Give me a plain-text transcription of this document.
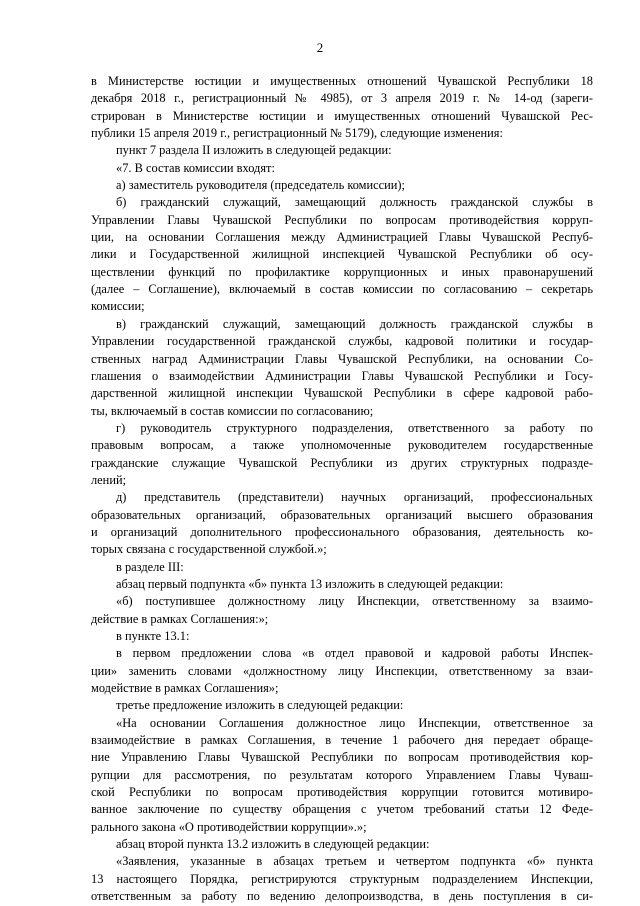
2
в Министерстве юстиции и имущественных отношений Чувашской Республики 18
декабря 2018 г., регистрационный № 4985), от 3 апреля 2019 г. № 14-од (зареги-
стрирован в Министерстве юстиции и имущественных отношений Чувашской Рес-
публики 15 апреля 2019 г., регистрационный № 5179), следующие изменения:
пункт 7 раздела II изложить в следующей редакции:
«7. В состав комиссии входят:
а) заместитель руководителя (председатель комиссии);
б) гражданский служащий, замещающий должность гражданской службы в
Управлении Главы Чувашской Республики по вопросам противодействия корруп-
ции, на основании Соглашения между Администрацией Главы Чувашской Респуб-
лики и Государственной жилищной инспекцией Чувашской Республики об осу-
ществлении функций по профилактике коррупционных и иных правонарушений
(далее – Соглашение), включаемый в состав комиссии по согласованию – секретарь
комиссии;
в) гражданский служащий, замещающий должность гражданской службы в
Управлении государственной гражданской службы, кадровой политики и государ-
ственных наград Администрации Главы Чувашской Республики, на основании Со-
глашения о взаимодействии Администрации Главы Чувашской Республики и Госу-
дарственной жилищной инспекции Чувашской Республики в сфере кадровой рабо-
ты, включаемый в состав комиссии по согласованию;
г) руководитель структурного подразделения, ответственного за работу по
правовым вопросам, а также уполномоченные руководителем государственные
гражданские служащие Чувашской Республики из других структурных подразде-
лений;
д) представитель (представители) научных организаций, профессиональных
образовательных организаций, образовательных организаций высшего образования
и организаций дополнительного профессионального образования, деятельность ко-
торых связана с государственной службой.»;
в разделе III:
абзац первый подпункта «б» пункта 13 изложить в следующей редакции:
«б) поступившее должностному лицу Инспекции, ответственному за взаимо-
действие в рамках Соглашения:»;
в пункте 13.1:
в первом предложении слова «в отдел правовой и кадровой работы Инспек-
ции» заменить словами «должностному лицу Инспекции, ответственному за взаи-
модействие в рамках Соглашения»;
третье предложение изложить в следующей редакции:
«На основании Соглашения должностное лицо Инспекции, ответственное за
взаимодействие в рамках Соглашения, в течение 1 рабочего дня передает обраще-
ние Управлению Главы Чувашской Республики по вопросам противодействия кор-
рупции для рассмотрения, по результатам которого Управлением Главы Чуваш-
ской Республики по вопросам противодействия коррупции готовится мотивиро-
ванное заключение по существу обращения с учетом требований статьи 12 Феде-
рального закона «О противодействии коррупции».»;
абзац второй пункта 13.2 изложить в следующей редакции:
«Заявления, указанные в абзацах третьем и четвертом подпункта «б» пункта
13 настоящего Порядка, регистрируются структурным подразделением Инспекции,
ответственным за работу по ведению делопроизводства, в день поступления в си-
